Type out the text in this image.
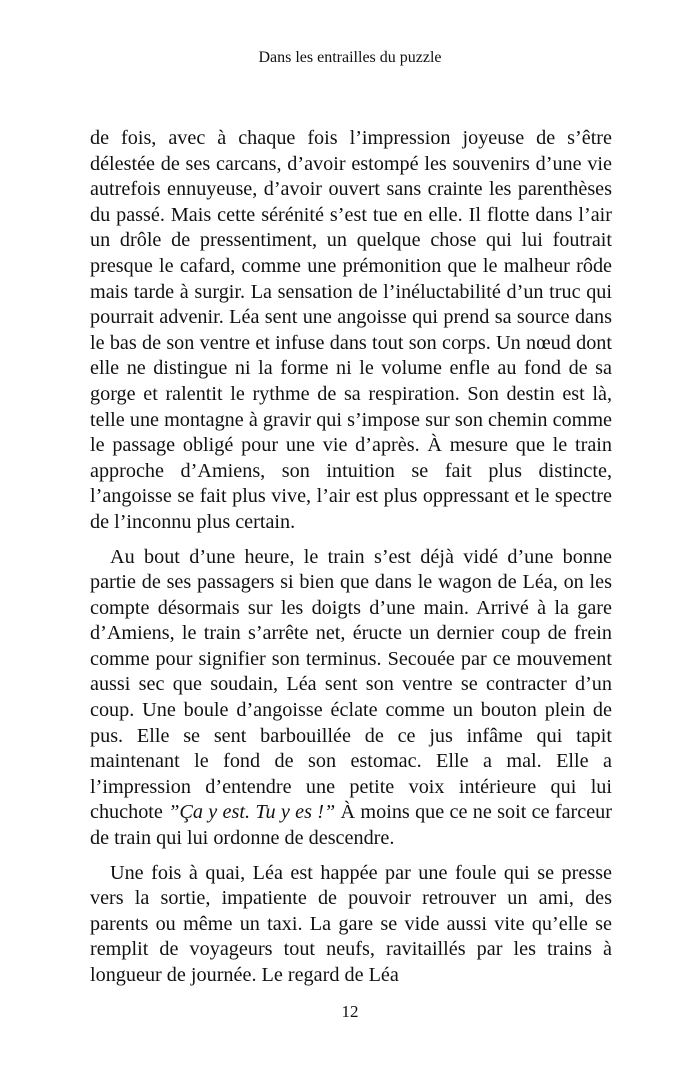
Dans les entrailles du puzzle

de fois, avec à chaque fois l’impression joyeuse de s’être délestée de ses carcans, d’avoir estompé les souvenirs d’une vie autrefois ennuyeuse, d’avoir ouvert sans crainte les parenthèses du passé. Mais cette sérénité s’est tue en elle. Il flotte dans l’air un drôle de pressentiment, un quelque chose qui lui foutrait presque le cafard, comme une prémonition que le malheur rôde mais tarde à surgir. La sensation de l’inéluctabilité d’un truc qui pourrait advenir. Léa sent une angoisse qui prend sa source dans le bas de son ventre et infuse dans tout son corps. Un nœud dont elle ne distingue ni la forme ni le volume enfle au fond de sa gorge et ralentit le rythme de sa respiration. Son destin est là, telle une montagne à gravir qui s’impose sur son chemin comme le passage obligé pour une vie d’après. À mesure que le train approche d’Amiens, son intuition se fait plus distincte, l’angoisse se fait plus vive, l’air est plus oppressant et le spectre de l’inconnu plus certain.

Au bout d’une heure, le train s’est déjà vidé d’une bonne partie de ses passagers si bien que dans le wagon de Léa, on les compte désormais sur les doigts d’une main. Arrivé à la gare d’Amiens, le train s’arrête net, éructe un dernier coup de frein comme pour signifier son terminus. Secouée par ce mouvement aussi sec que soudain, Léa sent son ventre se contracter d’un coup. Une boule d’angoisse éclate comme un bouton plein de pus. Elle se sent barbouillée de ce jus infâme qui tapit maintenant le fond de son estomac. Elle a mal. Elle a l’impression d’entendre une petite voix intérieure qui lui chuchote ”Ça y est. Tu y es !” À moins que ce ne soit ce farceur de train qui lui ordonne de descendre.

Une fois à quai, Léa est happée par une foule qui se presse vers la sortie, impatiente de pouvoir retrouver un ami, des parents ou même un taxi. La gare se vide aussi vite qu’elle se remplit de voyageurs tout neufs, ravitaillés par les trains à longueur de journée. Le regard de Léa

12
